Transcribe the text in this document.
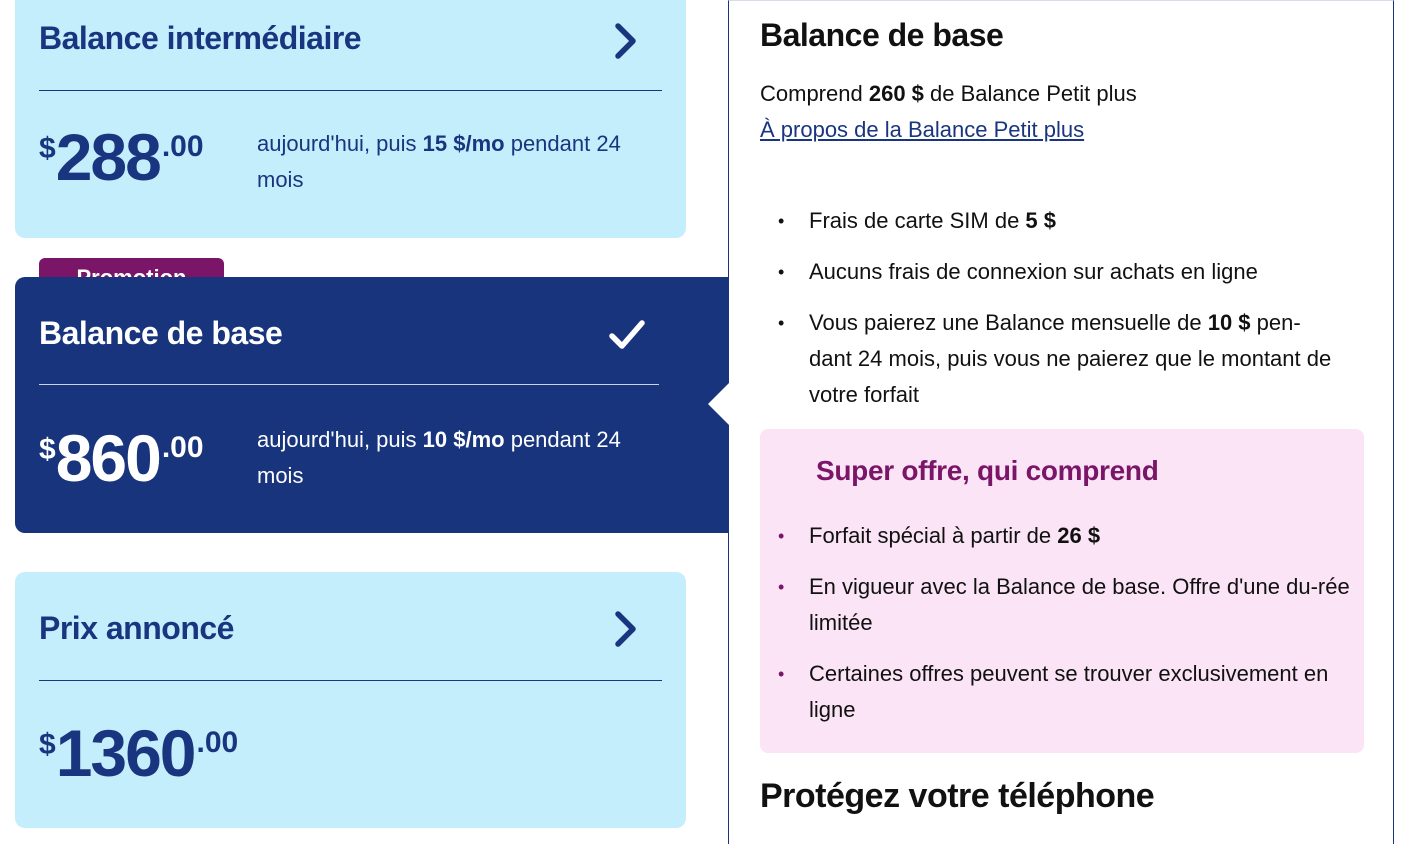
Balance intermédiaire
$ 288 .00 aujourd'hui, puis 15 $/mo pendant 24 mois
Balance de base
$ 860 .00 aujourd'hui, puis 10 $/mo pendant 24 mois
Prix annoncé
$ 1360 .00
Balance de base
Comprend 260 $ de Balance Petit plus
À propos de la Balance Petit plus
• Frais de carte SIM de 5 $
• Aucuns frais de connexion sur achats en ligne
• Vous paierez une Balance mensuelle de 10 $ pen-dant 24 mois, puis vous ne paierez que le montant de votre forfait
Super offre, qui comprend
• Forfait spécial à partir de 26 $
• En vigueur avec la Balance de base. Offre d'une du-rée limitée
• Certaines offres peuvent se trouver exclusivement en ligne
Protégez votre téléphone
